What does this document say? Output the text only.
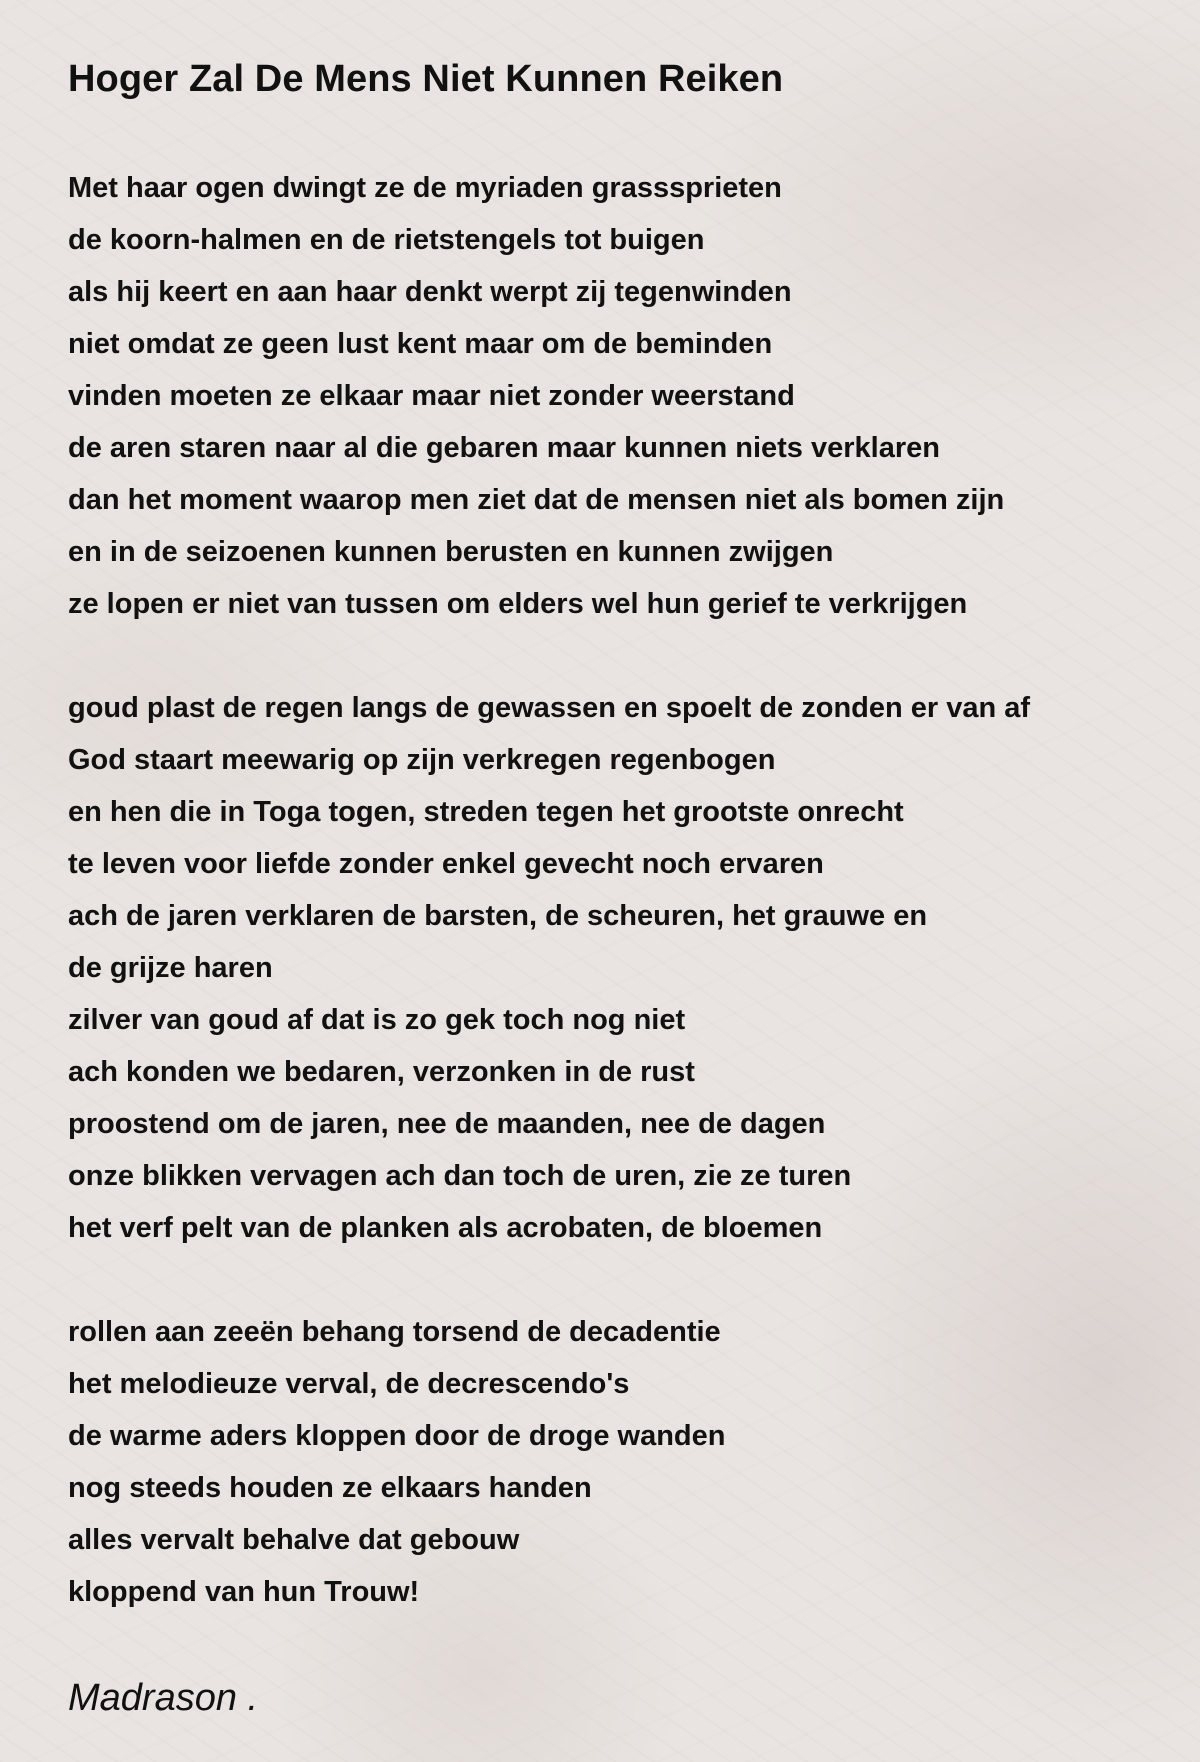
Hoger Zal De Mens Niet Kunnen Reiken
Met haar ogen dwingt ze de myriaden grasssprieten
de koorn-halmen en de rietstengels tot buigen
als hij keert en aan haar denkt werpt zij tegenwinden
niet omdat ze geen lust kent maar om de beminden
vinden moeten ze elkaar maar niet zonder weerstand
de aren staren naar al die gebaren maar kunnen niets verklaren
dan het moment waarop men ziet dat de mensen niet als bomen zijn
en in de seizoenen kunnen berusten en kunnen zwijgen
ze lopen er niet van tussen om elders wel hun gerief te verkrijgen
goud plast de regen langs de gewassen en spoelt de zonden er van af
God staart meewarig op zijn verkregen regenbogen
en hen die in Toga togen, streden tegen het grootste onrecht
te leven voor liefde zonder enkel gevecht noch ervaren
ach de jaren verklaren de barsten, de scheuren, het grauwe en
de grijze haren
zilver van goud af dat is zo gek toch nog niet
ach konden we bedaren, verzonken in de rust
proostend om de jaren, nee de maanden, nee de dagen
onze blikken vervagen ach dan toch de uren, zie ze turen
het verf pelt van de planken als acrobaten, de bloemen
rollen aan zeeën behang torsend de decadentie
het melodieuze verval, de decrescendo's
de warme aders kloppen door de droge wanden
nog steeds houden ze elkaars handen
alles vervalt behalve dat gebouw
kloppend van hun Trouw!
Madrason .
